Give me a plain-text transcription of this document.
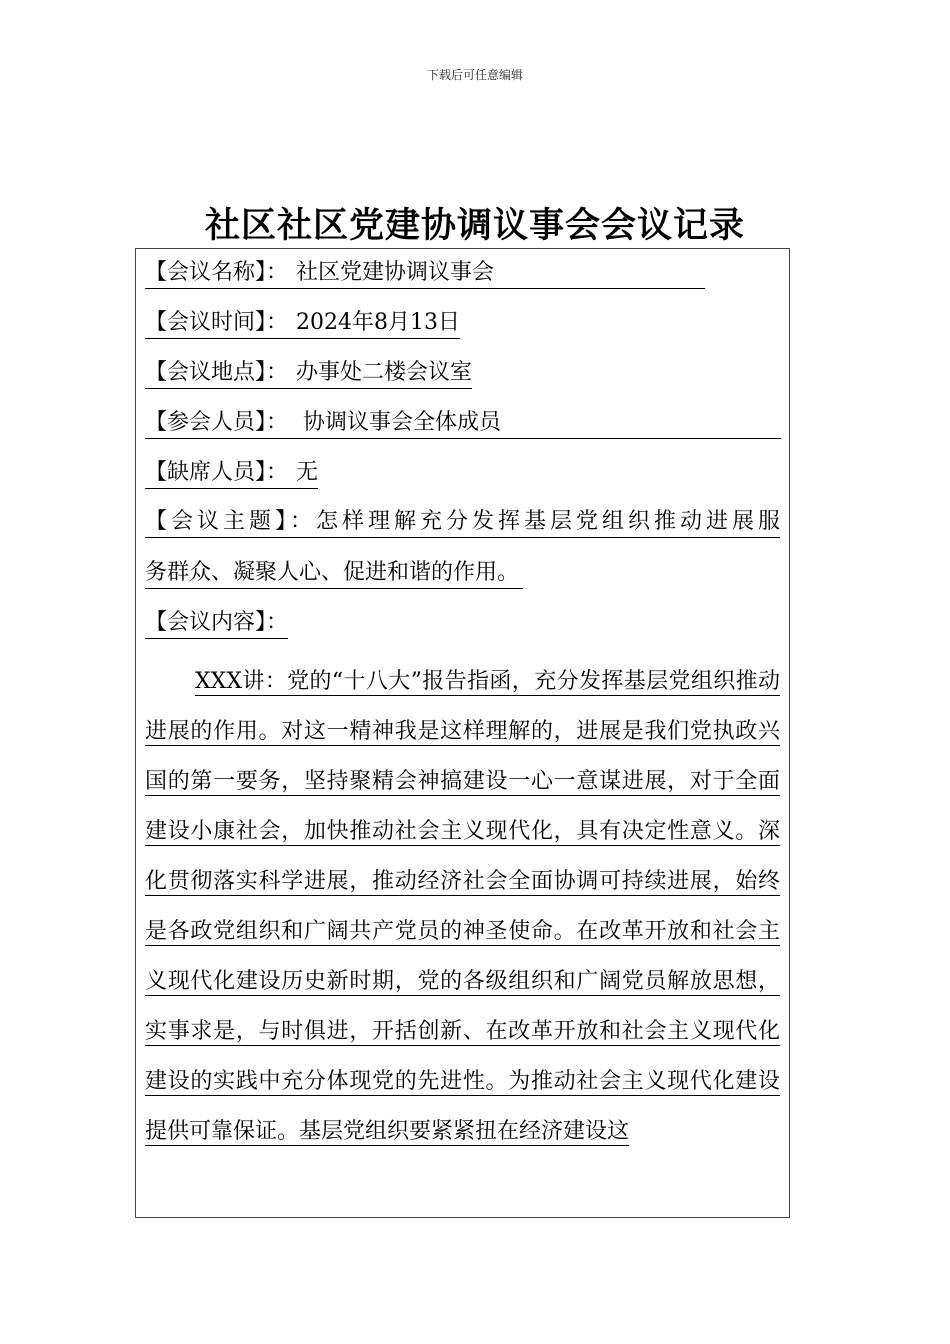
下载后可任意编辑
社区社区党建协调议事会会议记录
【会议名称】： 社区党建协调议事会
【会议时间】： 2024年8月13日
【会议地点】： 办事处二楼会议室
【参会人员】： 协调议事会全体成员
【缺席人员】： 无
【会议主题】：怎样理解充分发挥基层党组织推动进展服
务群众、凝聚人心、促进和谐的作用。
【会议内容】：

XXX讲：党的“十八大”报告指函，充分发挥基层党组织推动进展的作用。对这一精神我是这样理解的，进展是我们党执政兴国的第一要务，坚持聚精会神搞建设一心一意谋进展，对于全面建设小康社会，加快推动社会主义现代化，具有决定性意义。深化贯彻落实科学进展，推动经济社会全面协调可持续进展，始终是各政党组织和广阔共产党员的神圣使命。在改革开放和社会主义现代化建设历史新时期，党的各级组织和广阔党员解放思想，实事求是，与时俱进，开括创新、在改革开放和社会主义现代化建设的实践中充分体现党的先进性。为推动社会主义现代化建设提供可靠保证。基层党组织要紧紧扭在经济建设这
